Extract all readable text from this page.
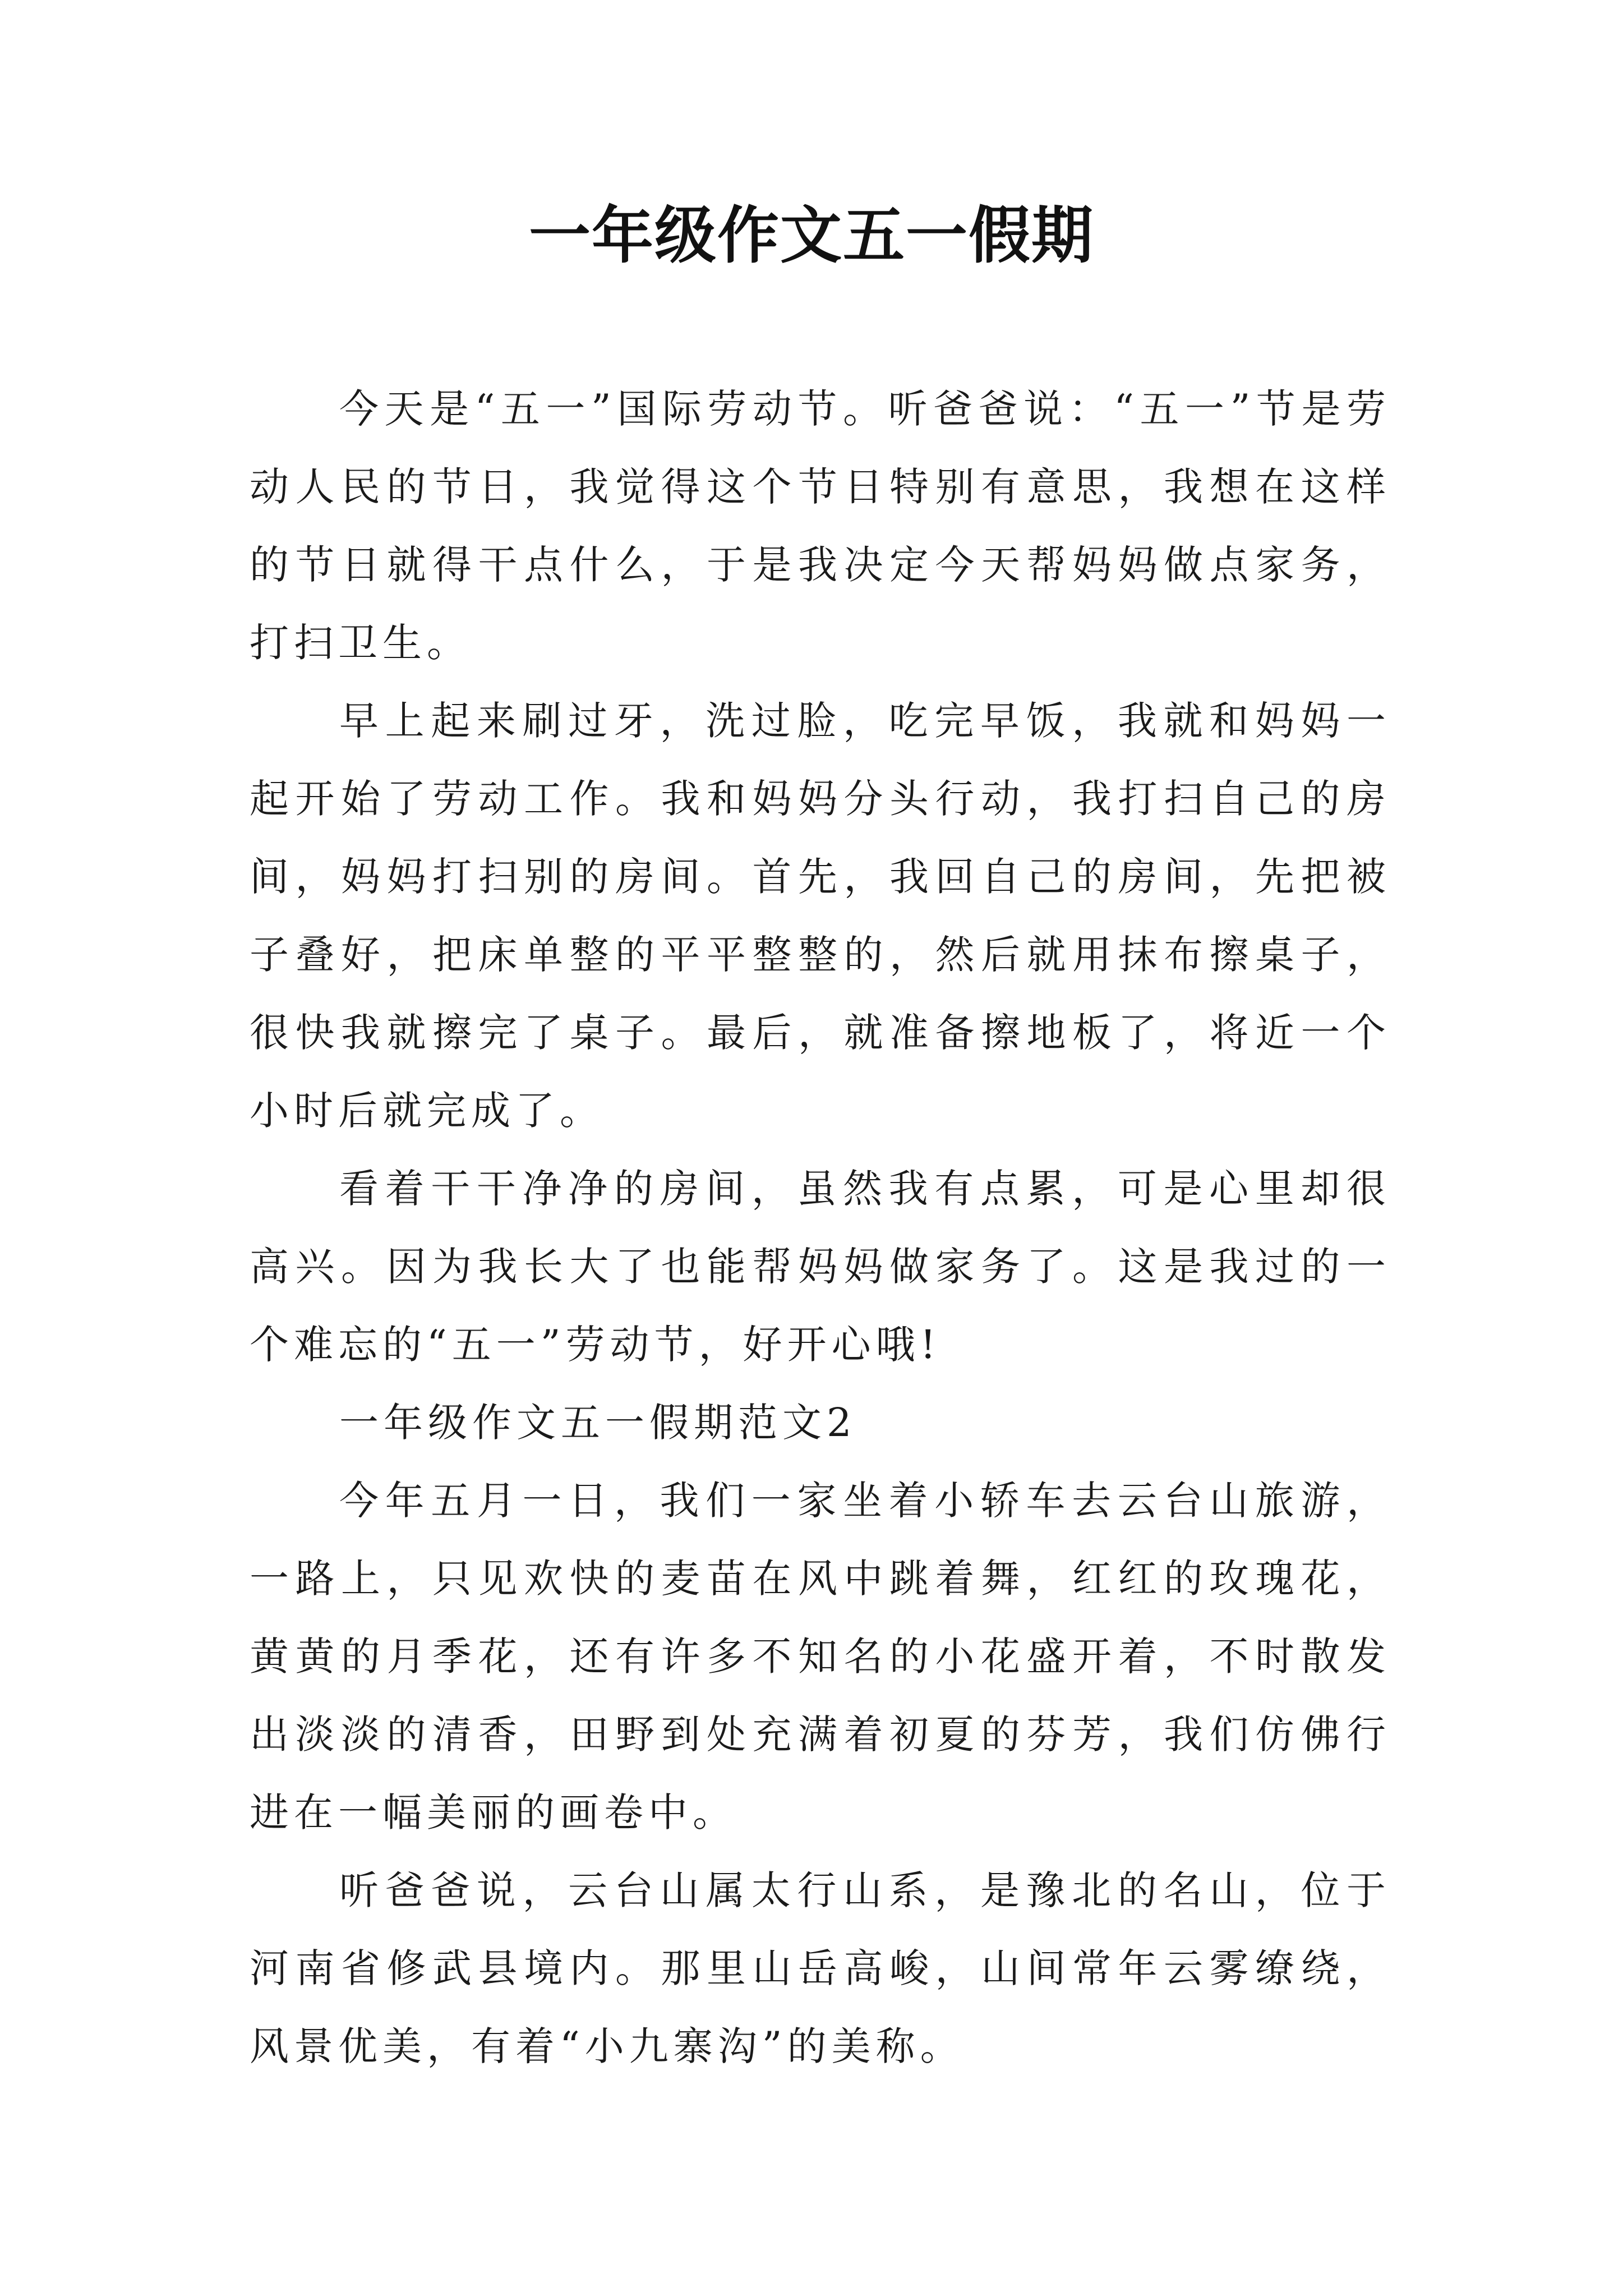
一年级作文五一假期

今天是“五一”国际劳动节。听爸爸说：“五一”节是劳动人民的节日，我觉得这个节日特别有意思，我想在这样的节日就得干点什么，于是我决定今天帮妈妈做点家务，打扫卫生。

早上起来刷过牙，洗过脸，吃完早饭，我就和妈妈一起开始了劳动工作。我和妈妈分头行动，我打扫自己的房间，妈妈打扫别的房间。首先，我回自己的房间，先把被子叠好，把床单整的平平整整的，然后就用抹布擦桌子，很快我就擦完了桌子。最后，就准备擦地板了，将近一个小时后就完成了。

看着干干净净的房间，虽然我有点累，可是心里却很高兴。因为我长大了也能帮妈妈做家务了。这是我过的一个难忘的“五一”劳动节，好开心哦!

一年级作文五一假期范文2

今年五月一日，我们一家坐着小轿车去云台山旅游，一路上，只见欢快的麦苗在风中跳着舞，红红的玫瑰花，黄黄的月季花，还有许多不知名的小花盛开着，不时散发出淡淡的清香，田野到处充满着初夏的芬芳，我们仿佛行进在一幅美丽的画卷中。

听爸爸说，云台山属太行山系，是豫北的名山，位于河南省修武县境内。那里山岳高峻，山间常年云雾缭绕，风景优美，有着“小九寨沟”的美称。
